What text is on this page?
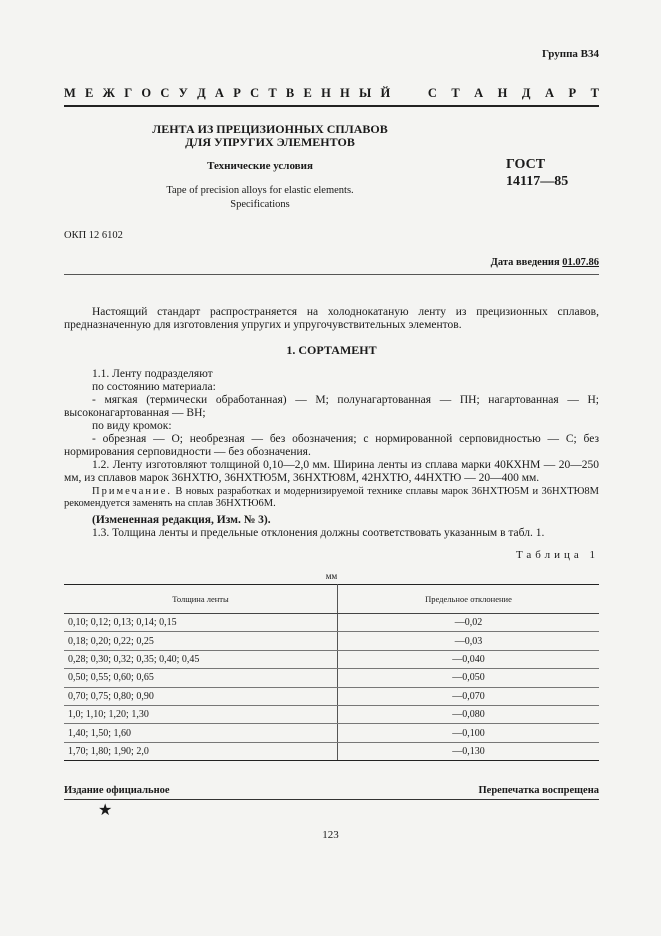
Группа В34
М Е Ж Г О С У Д А Р С Т В Е Н Н Ы Й	С Т А Н Д А Р Т
ЛЕНТА ИЗ ПРЕЦИЗИОННЫХ СПЛАВОВ
ДЛЯ УПРУГИХ ЭЛЕМЕНТОВ
Технические условия
Tape of precision alloys for elastic elements.
Specifications
ГОСТ
14117—85
ОКП 12 6102
Дата введения 01.07.86
Настоящий стандарт распространяется на холоднокатаную ленту из прецизионных сплавов, предназначенную для изготовления упругих и упругочувствительных элементов.
1. СОРТАМЕНТ
1.1. Ленту подразделяют
по состоянию материала:
- мягкая (термически обработанная) — М; полунагартованная — ПН; нагартованная — Н; высоконагартованная — ВН;
по виду кромок:
- обрезная — О; необрезная — без обозначения; с нормированной серповидностью — С; без нормирования серповидности — без обозначения.
1.2. Ленту изготовляют толщиной 0,10—2,0 мм. Ширина ленты из сплава марки 40КХНМ — 20—250 мм, из сплавов марок 36НХТЮ, 36НХТЮ5М, 36НХТЮ8М, 42НХТЮ, 44НХТЮ — 20—400 мм.
Примечание. В новых разработках и модернизируемой технике сплавы марок 36НХТЮ5М и 36НХТЮ8М рекомендуется заменять на сплав 36НХТЮ6М.
(Измененная редакция, Изм. № 3).
1.3. Толщина ленты и предельные отклонения должны соответствовать указанным в табл. 1.
Таблица 1
мм
Толщина ленты	Предельное отклонение
0,10; 0,12; 0,13; 0,14; 0,15	—0,02
0,18; 0,20; 0,22; 0,25	—0,03
0,28; 0,30; 0,32; 0,35; 0,40; 0,45	—0,040
0,50; 0,55; 0,60; 0,65	—0,050
0,70; 0,75; 0,80; 0,90	—0,070
1,0; 1,10; 1,20; 1,30	—0,080
1,40; 1,50; 1,60	—0,100
1,70; 1,80; 1,90; 2,0	—0,130
Издание официальное	Перепечатка воспрещена
★
123
